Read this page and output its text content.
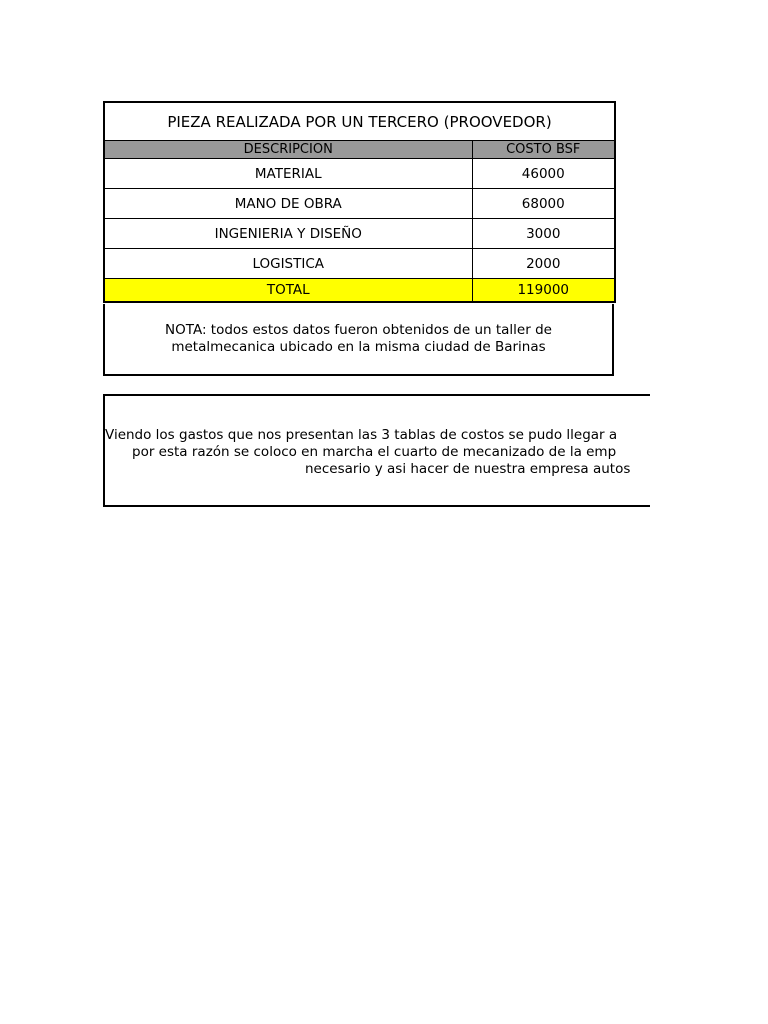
PIEZA REALIZADA POR UN TERCERO (PROOVEDOR)	
DESCRIPCION	COSTO BSF
MATERIAL	46000
MANO DE OBRA	68000
INGENIERIA Y DISEÑO	3000
LOGISTICA	2000
TOTAL	119000
NOTA: todos estos datos fueron obtenidos de un taller de
metalmecanica ubicado en la misma ciudad de Barinas
Viendo los gastos que nos presentan las 3 tablas de costos se pudo llegar a
por esta razón se coloco en marcha el cuarto de mecanizado de la emp
necesario y asi hacer de nuestra empresa autos
